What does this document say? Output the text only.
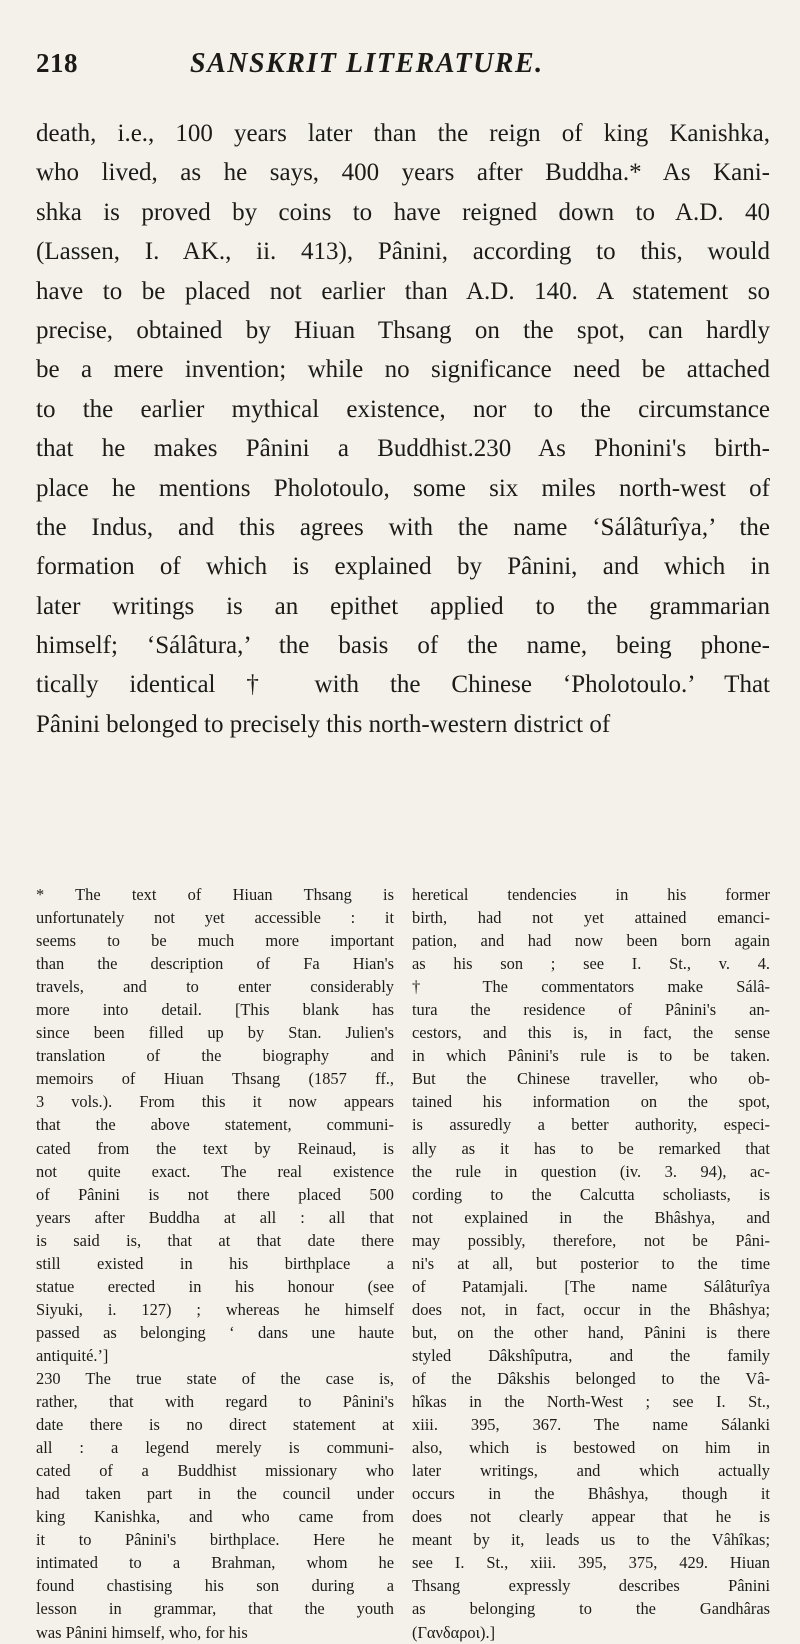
218	SANSKRIT LITERATURE.
death, i.e., 100 years later than the reign of king Kanishka,
who lived, as he says, 400 years after Buddha.* As Kani-
shka is proved by coins to have reigned down to A.D. 40
(Lassen, I. AK., ii. 413), Pânini, according to this, would
have to be placed not earlier than A.D. 140. A statement so
precise, obtained by Hiuan Thsang on the spot, can hardly
be a mere invention; while no significance need be attached
to the earlier mythical existence, nor to the circumstance
that he makes Pânini a Buddhist.230 As Phonini's birth-
place he mentions Pholotoulo, some six miles north-west of
the Indus, and this agrees with the name ‘Sálâturîya,’ the
formation of which is explained by Pânini, and which in
later writings is an epithet applied to the grammarian
himself; ‘Sálâtura,’ the basis of the name, being phone-
tically identical † with the Chinese ‘Pholotoulo.’ That
Pânini belonged to precisely this north-western district of
* The text of Hiuan Thsang is
unfortunately not yet accessible : it
seems to be much more important
than the description of Fa Hian's
travels, and to enter considerably
more into detail. [This blank has
since been filled up by Stan. Julien's
translation of the biography and
memoirs of Hiuan Thsang (1857 ff.,
3 vols.). From this it now appears
that the above statement, communi-
cated from the text by Reinaud, is
not quite exact. The real existence
of Pânini is not there placed 500
years after Buddha at all : all that
is said is, that at that date there
still existed in his birthplace a
statue erected in his honour (see
Siyuki, i. 127) ; whereas he himself
passed as belonging ‘ dans une haute
antiquité.’]
230 The true state of the case is,
rather, that with regard to Pânini's
date there is no direct statement at
all : a legend merely is communi-
cated of a Buddhist missionary who
had taken part in the council under
king Kanishka, and who came from
it to Pânini's birthplace. Here he
intimated to a Brahman, whom he
found chastising his son during a
lesson in grammar, that the youth
was Pânini himself, who, for his
heretical tendencies in his former
birth, had not yet attained emanci-
pation, and had now been born again
as his son ; see I. St., v. 4.
† The commentators make Sálâ-
tura the residence of Pânini's an-
cestors, and this is, in fact, the sense
in which Pânini's rule is to be taken.
But the Chinese traveller, who ob-
tained his information on the spot,
is assuredly a better authority, especi-
ally as it has to be remarked that
the rule in question (iv. 3. 94), ac-
cording to the Calcutta scholiasts, is
not explained in the Bhâshya, and
may possibly, therefore, not be Pâni-
ni's at all, but posterior to the time
of Patamjali. [The name Sálâturîya
does not, in fact, occur in the Bhâshya;
but, on the other hand, Pânini is there
styled Dâkshîputra, and the family
of the Dâkshis belonged to the Vâ-
hîkas in the North-West ; see I. St.,
xiii. 395, 367. The name Sálanki
also, which is bestowed on him in
later writings, and which actually
occurs in the Bhâshya, though it
does not clearly appear that he is
meant by it, leads us to the Vâhîkas;
see I. St., xiii. 395, 375, 429. Hiuan
Thsang expressly describes Pânini
as belonging to the Gandhâras
(Γανδαροι).]
